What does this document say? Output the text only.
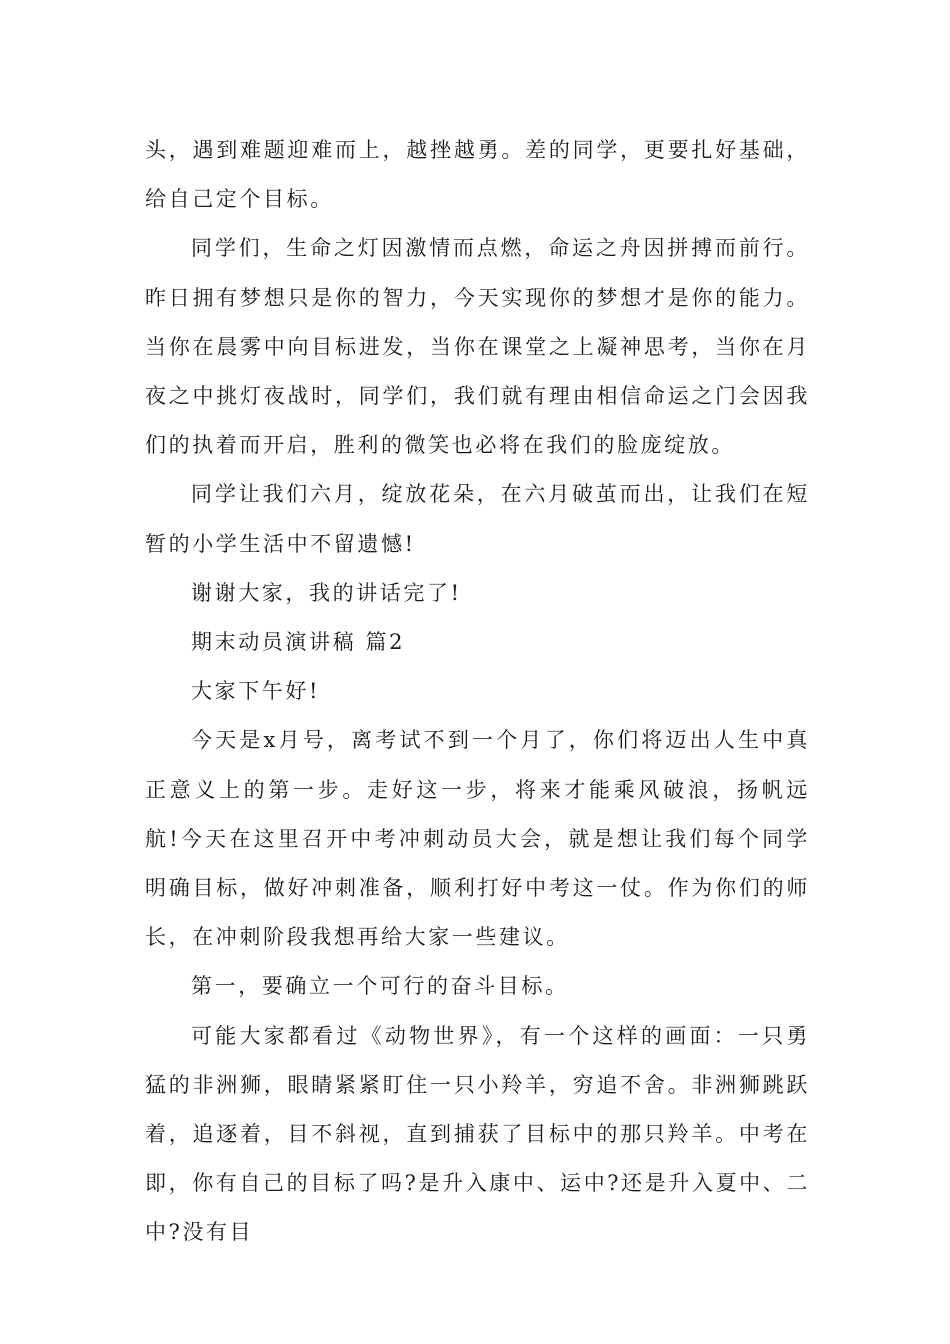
头，遇到难题迎难而上，越挫越勇。差的同学，更要扎好基础，给自己定个目标。

同学们，生命之灯因激情而点燃，命运之舟因拼搏而前行。昨日拥有梦想只是你的智力，今天实现你的梦想才是你的能力。当你在晨雾中向目标进发，当你在课堂之上凝神思考，当你在月夜之中挑灯夜战时，同学们，我们就有理由相信命运之门会因我们的执着而开启，胜利的微笑也必将在我们的脸庞绽放。

同学让我们六月，绽放花朵，在六月破茧而出，让我们在短暂的小学生活中不留遗憾!

谢谢大家，我的讲话完了!

期末动员演讲稿 篇2

大家下午好!

今天是x月号，离考试不到一个月了，你们将迈出人生中真正意义上的第一步。走好这一步，将来才能乘风破浪，扬帆远航!今天在这里召开中考冲刺动员大会，就是想让我们每个同学明确目标，做好冲刺准备，顺利打好中考这一仗。作为你们的师长，在冲刺阶段我想再给大家一些建议。

第一，要确立一个可行的奋斗目标。

可能大家都看过《动物世界》，有一个这样的画面：一只勇猛的非洲狮，眼睛紧紧盯住一只小羚羊，穷追不舍。非洲狮跳跃着，追逐着，目不斜视，直到捕获了目标中的那只羚羊。中考在即，你有自己的目标了吗?是升入康中、运中?还是升入夏中、二中?没有目
